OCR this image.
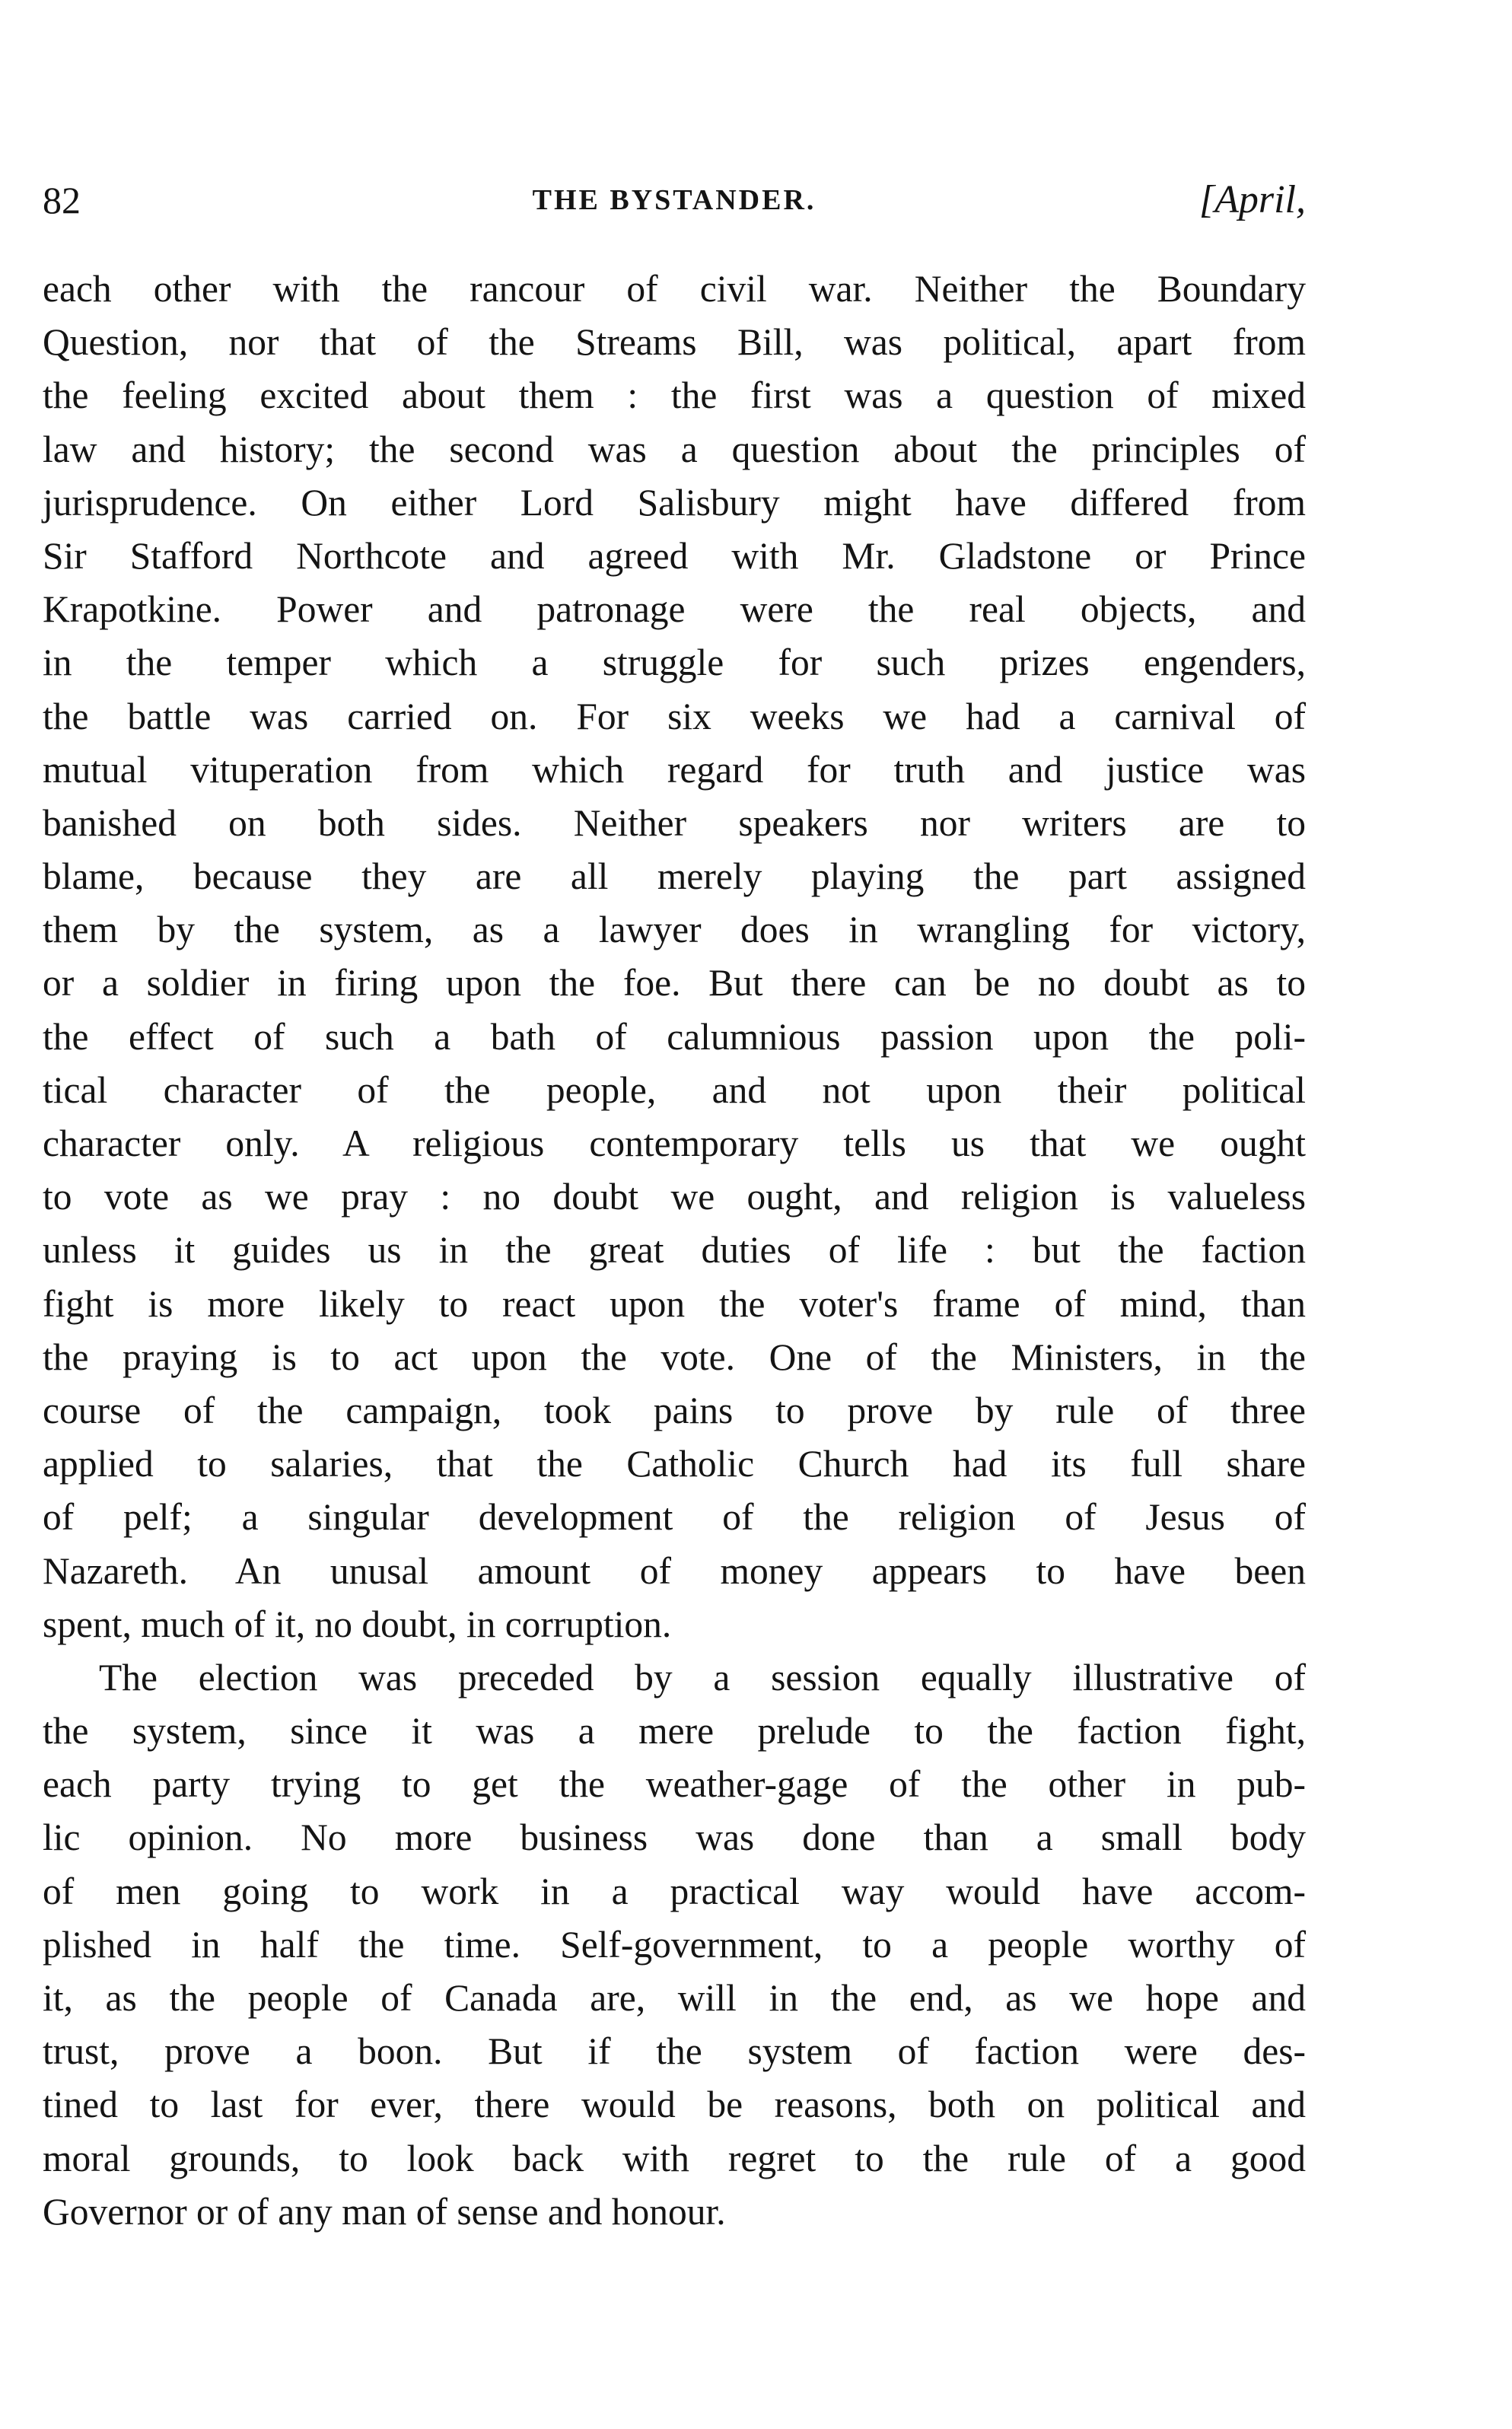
82	THE BYSTANDER.	[April,
each other with the rancour of civil war. Neither the Boundary
Question, nor that of the Streams Bill, was political, apart from
the feeling excited about them : the first was a question of mixed
law and history; the second was a question about the principles of
jurisprudence. On either Lord Salisbury might have differed from
Sir Stafford Northcote and agreed with Mr. Gladstone or Prince
Krapotkine. Power and patronage were the real objects, and
in the temper which a struggle for such prizes engenders,
the battle was carried on. For six weeks we had a carnival of
mutual vituperation from which regard for truth and justice was
banished on both sides. Neither speakers nor writers are to
blame, because they are all merely playing the part assigned
them by the system, as a lawyer does in wrangling for victory,
or a soldier in firing upon the foe. But there can be no doubt as to
the effect of such a bath of calumnious passion upon the poli-
tical character of the people, and not upon their political
character only. A religious contemporary tells us that we ought
to vote as we pray : no doubt we ought, and religion is valueless
unless it guides us in the great duties of life : but the faction
fight is more likely to react upon the voter's frame of mind, than
the praying is to act upon the vote. One of the Ministers, in the
course of the campaign, took pains to prove by rule of three
applied to salaries, that the Catholic Church had its full share
of pelf; a singular development of the religion of Jesus of
Nazareth. An unusal amount of money appears to have been
spent, much of it, no doubt, in corruption.
The election was preceded by a session equally illustrative of
the system, since it was a mere prelude to the faction fight,
each party trying to get the weather-gage of the other in pub-
lic opinion. No more business was done than a small body
of men going to work in a practical way would have accom-
plished in half the time. Self-government, to a people worthy of
it, as the people of Canada are, will in the end, as we hope and
trust, prove a boon. But if the system of faction were des-
tined to last for ever, there would be reasons, both on political and
moral grounds, to look back with regret to the rule of a good
Governor or of any man of sense and honour.
